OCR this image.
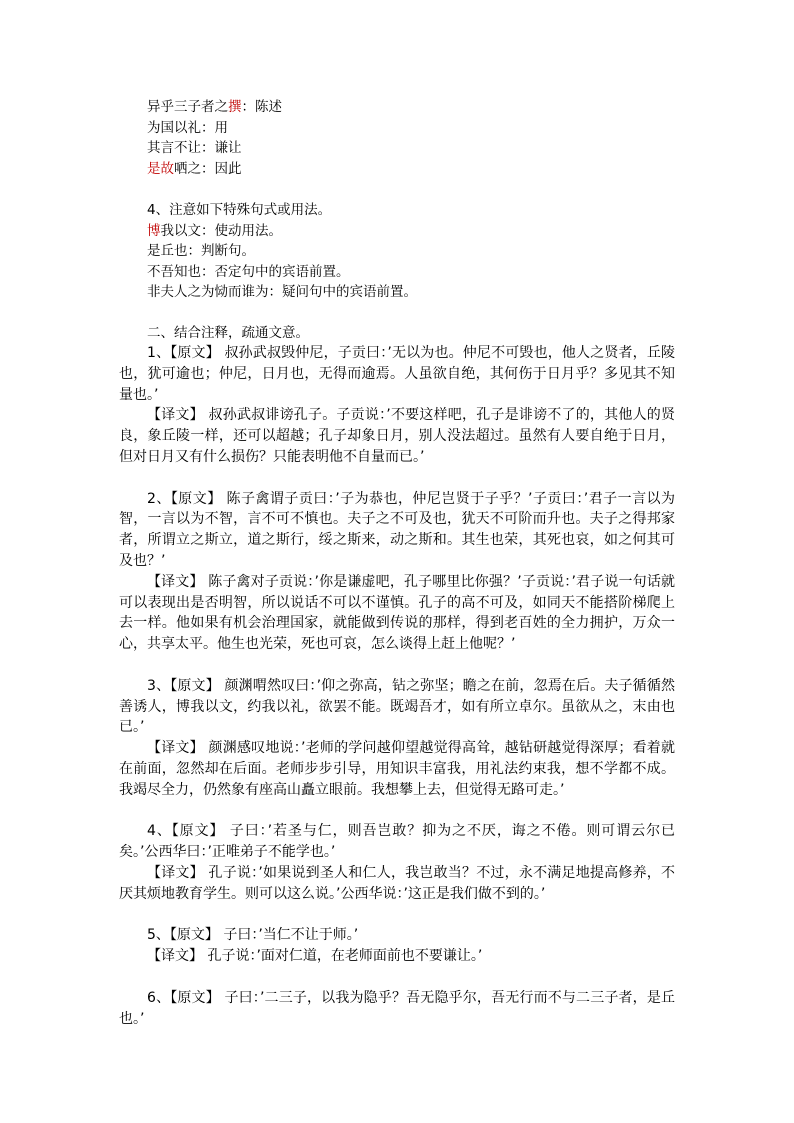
异乎三子者之撰：陈述
为国以礼：用
其言不让：谦让
是故哂之：因此
4、注意如下特殊句式或用法。
博我以文：使动用法。
是丘也：判断句。
不吾知也：否定句中的宾语前置。
非夫人之为恸而谁为：疑问句中的宾语前置。
二、结合注释，疏通文意。

1、【原文】 叔孙武叔毁仲尼，子贡曰：’无以为也。仲尼不可毁也，他人之贤者，丘陵也，犹可逾也；仲尼，日月也，无得而逾焉。人虽欲自绝，其何伤于日月乎？多见其不知量也。’

【译文】 叔孙武叔诽谤孔子。子贡说：’不要这样吧，孔子是诽谤不了的，其他人的贤良，象丘陵一样，还可以超越；孔子却象日月，别人没法超过。虽然有人要自绝于日月，但对日月又有什么损伤？只能表明他不自量而已。’

2、【原文】 陈子禽谓子贡曰：’子为恭也，仲尼岂贤于子乎？’子贡曰：’君子一言以为智，一言以为不智，言不可不慎也。夫子之不可及也，犹天不可阶而升也。夫子之得邦家者，所谓立之斯立，道之斯行，绥之斯来，动之斯和。其生也荣，其死也哀，如之何其可及也？’

【译文】 陈子禽对子贡说：’你是谦虚吧，孔子哪里比你强？’子贡说：’君子说一句话就可以表现出是否明智，所以说话不可以不谨慎。孔子的高不可及，如同天不能搭阶梯爬上去一样。他如果有机会治理国家，就能做到传说的那样，得到老百姓的全力拥护，万众一心，共享太平。他生也光荣，死也可哀，怎么谈得上赶上他呢？’

3、【原文】 颜渊喟然叹曰：’仰之弥高，钻之弥坚；瞻之在前，忽焉在后。夫子循循然善诱人，博我以文，约我以礼，欲罢不能。既竭吾才，如有所立卓尔。虽欲从之，末由也已。’

【译文】 颜渊感叹地说：’老师的学问越仰望越觉得高耸，越钻研越觉得深厚；看着就在前面，忽然却在后面。老师步步引导，用知识丰富我，用礼法约束我，想不学都不成。我竭尽全力，仍然象有座高山矗立眼前。我想攀上去，但觉得无路可走。’

4、【原文】 子曰：’若圣与仁，则吾岂敢？抑为之不厌，诲之不倦。则可谓云尔已矣。’公西华曰：’正唯弟子不能学也。’

【译文】 孔子说：’如果说到圣人和仁人，我岂敢当？不过，永不满足地提高修养，不厌其烦地教育学生。则可以这么说。’公西华说：’这正是我们做不到的。’

5、【原文】 子曰：’当仁不让于师。’

【译文】 孔子说：’面对仁道，在老师面前也不要谦让。’

6、【原文】 子曰：’二三子，以我为隐乎？吾无隐乎尔，吾无行而不与二三子者，是丘也。’
